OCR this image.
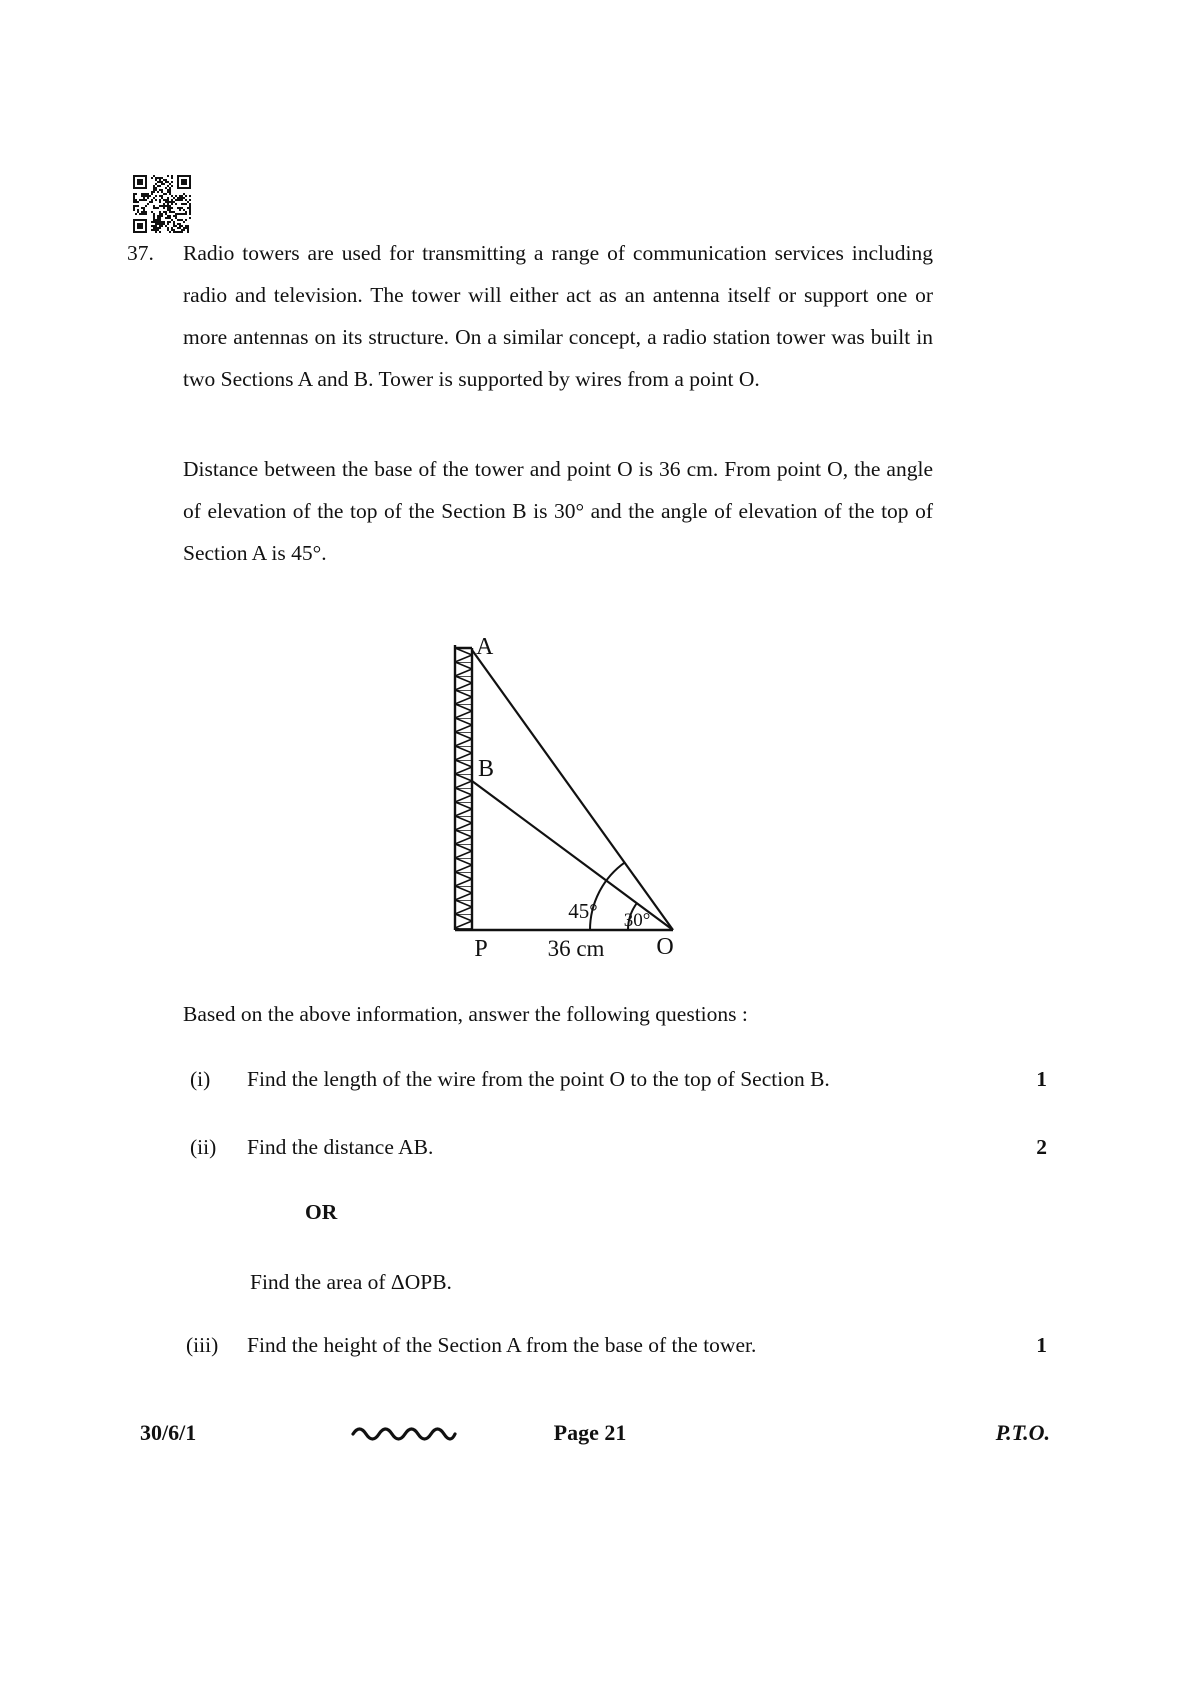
37. Radio towers are used for transmitting a range of communication services including radio and television. The tower will either act as an antenna itself or support one or more antennas on its structure. On a similar concept, a radio station tower was built in two Sections A and B. Tower is supported by wires from a point O.
Distance between the base of the tower and point O is 36 cm. From point O, the angle of elevation of the top of the Section B is 30° and the angle of elevation of the top of Section A is 45°.
A
B
P	O
45° 30°
36 cm
Based on the above information, answer the following questions :
(i)	Find the length of the wire from the point O to the top of Section B.	1
(ii)	Find the distance AB.	2
OR
Find the area of ΔOPB.
(iii)	Find the height of the Section A from the base of the tower.	1
30/6/1	Page 21	P.T.O.
